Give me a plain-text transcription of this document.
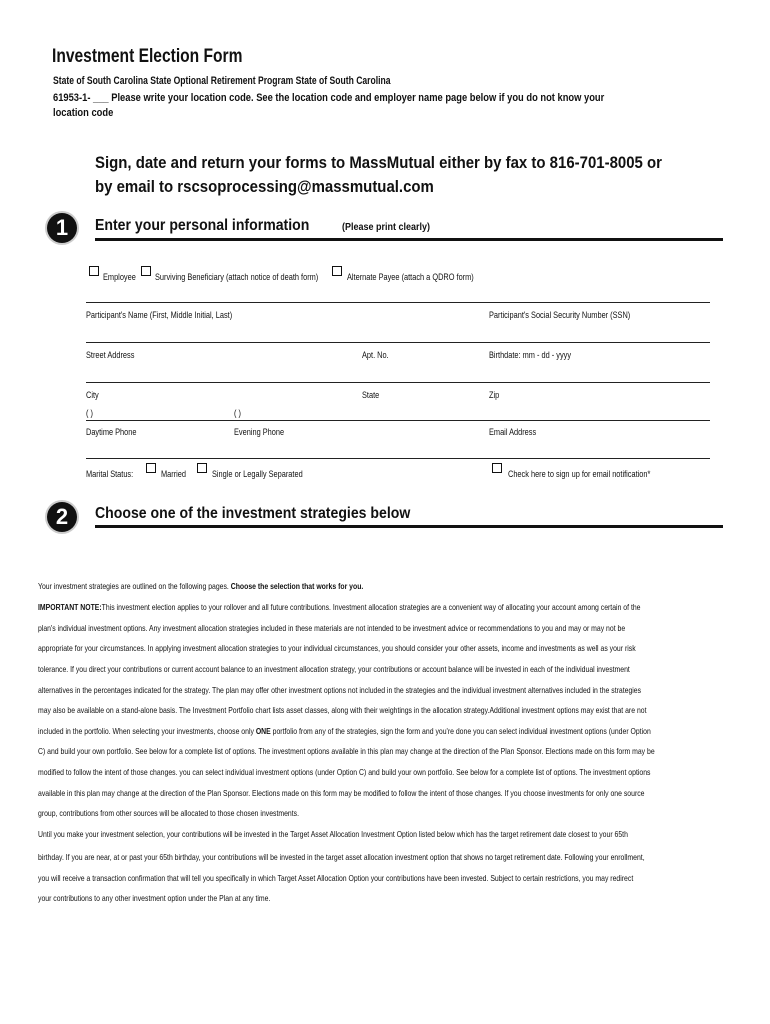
Investment Election Form
State of South Carolina State Optional Retirement Program State of South Carolina
61953-1- ___ Please write your location code. See the location code and employer name page below if you do not know your
location code
Sign, date and return your forms to MassMutual either by fax to 816-701-8005 or
by email to rscsoprocessing@massmutual.com
1	Enter your personal information	(Please print clearly)
Employee Surviving Beneficiary (attach notice of death form)	Alternate Payee (attach a QDRO form)
Participant's Name (First, Middle Initial, Last)	Participant's Social Security Number (SSN)
Street Address	Apt. No.	Birthdate: mm - dd - yyyy
City	State	Zip
( )	( )
Daytime Phone	Evening Phone	Email Address
Marital Status:	Married	Single or Legally Separated	Check here to sign up for email notification*
2	Choose one of the investment strategies below
Your investment strategies are outlined on the following pages. Choose the selection that works for you.
IMPORTANT NOTE:This investment election applies to your rollover and all future contributions. Investment allocation strategies are a convenient way of allocating your account among certain of the
plan's individual investment options. Any investment allocation strategies included in these materials are not intended to be investment advice or recommendations to you and may or may not be
appropriate for your circumstances. In applying investment allocation strategies to your individual circumstances, you should consider your other assets, income and investments as well as your risk
tolerance. If you direct your contributions or current account balance to an investment allocation strategy, your contributions or account balance will be invested in each of the individual investment
alternatives in the percentages indicated for the strategy. The plan may offer other investment options not included in the strategies and the individual investment alternatives included in the strategies
may also be available on a stand-alone basis. The Investment Portfolio chart lists asset classes, along with their weightings in the allocation strategy.Additional investment options may exist that are not
included in the portfolio. When selecting your investments, choose only ONE portfolio from any of the strategies, sign the form and you're done you can select individual investment options (under Option
C) and build your own portfolio. See below for a complete list of options. The investment options available in this plan may change at the direction of the Plan Sponsor. Elections made on this form may be
modified to follow the intent of those changes. you can select individual investment options (under Option C) and build your own portfolio. See below for a complete list of options. The investment options
available in this plan may change at the direction of the Plan Sponsor. Elections made on this form may be modified to follow the intent of those changes. If you choose investments for only one source
group, contributions from other sources will be allocated to those chosen investments.
Until you make your investment selection, your contributions will be invested in the Target Asset Allocation Investment Option listed below which has the target retirement date closest to your 65th
birthday. If you are near, at or past your 65th birthday, your contributions will be invested in the target asset allocation investment option that shows no target retirement date. Following your enrollment,
you will receive a transaction confirmation that will tell you specifically in which Target Asset Allocation Option your contributions have been invested. Subject to certain restrictions, you may redirect
your contributions to any other investment option under the Plan at any time.
